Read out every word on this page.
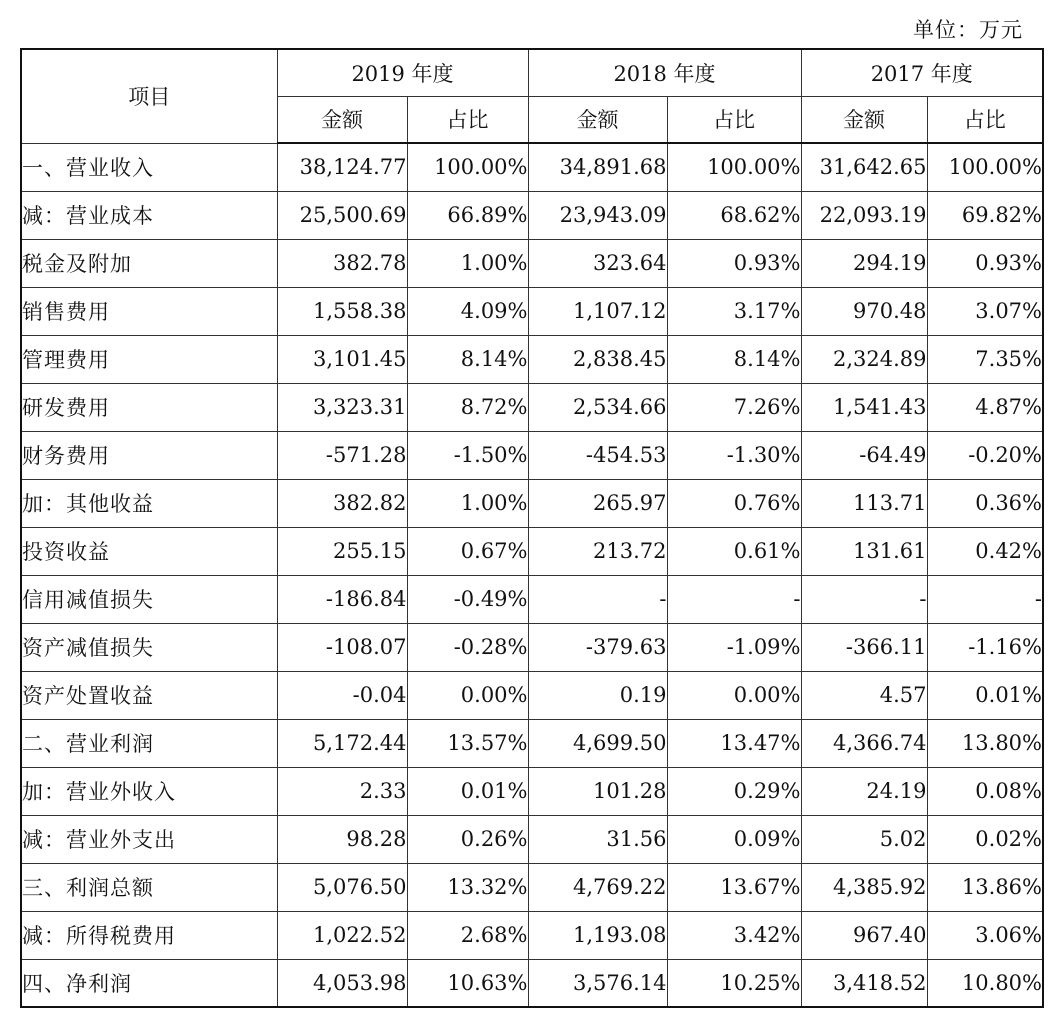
单位：万元
项目	2019 年度		2018 年度		2017 年度	
	金额	占比	金额	占比	金额	占比
一、营业收入	38,124.77	100.00%	34,891.68	100.00%	31,642.65	100.00%
减：营业成本	25,500.69	66.89%	23,943.09	68.62%	22,093.19	69.82%
税金及附加	382.78	1.00%	323.64	0.93%	294.19	0.93%
销售费用	1,558.38	4.09%	1,107.12	3.17%	970.48	3.07%
管理费用	3,101.45	8.14%	2,838.45	8.14%	2,324.89	7.35%
研发费用	3,323.31	8.72%	2,534.66	7.26%	1,541.43	4.87%
财务费用	-571.28	-1.50%	-454.53	-1.30%	-64.49	-0.20%
加：其他收益	382.82	1.00%	265.97	0.76%	113.71	0.36%
投资收益	255.15	0.67%	213.72	0.61%	131.61	0.42%
信用减值损失	-186.84	-0.49%	-	-	-	-
资产减值损失	-108.07	-0.28%	-379.63	-1.09%	-366.11	-1.16%
资产处置收益	-0.04	0.00%	0.19	0.00%	4.57	0.01%
二、营业利润	5,172.44	13.57%	4,699.50	13.47%	4,366.74	13.80%
加：营业外收入	2.33	0.01%	101.28	0.29%	24.19	0.08%
减：营业外支出	98.28	0.26%	31.56	0.09%	5.02	0.02%
三、利润总额	5,076.50	13.32%	4,769.22	13.67%	4,385.92	13.86%
减：所得税费用	1,022.52	2.68%	1,193.08	3.42%	967.40	3.06%
四、净利润	4,053.98	10.63%	3,576.14	10.25%	3,418.52	10.80%
